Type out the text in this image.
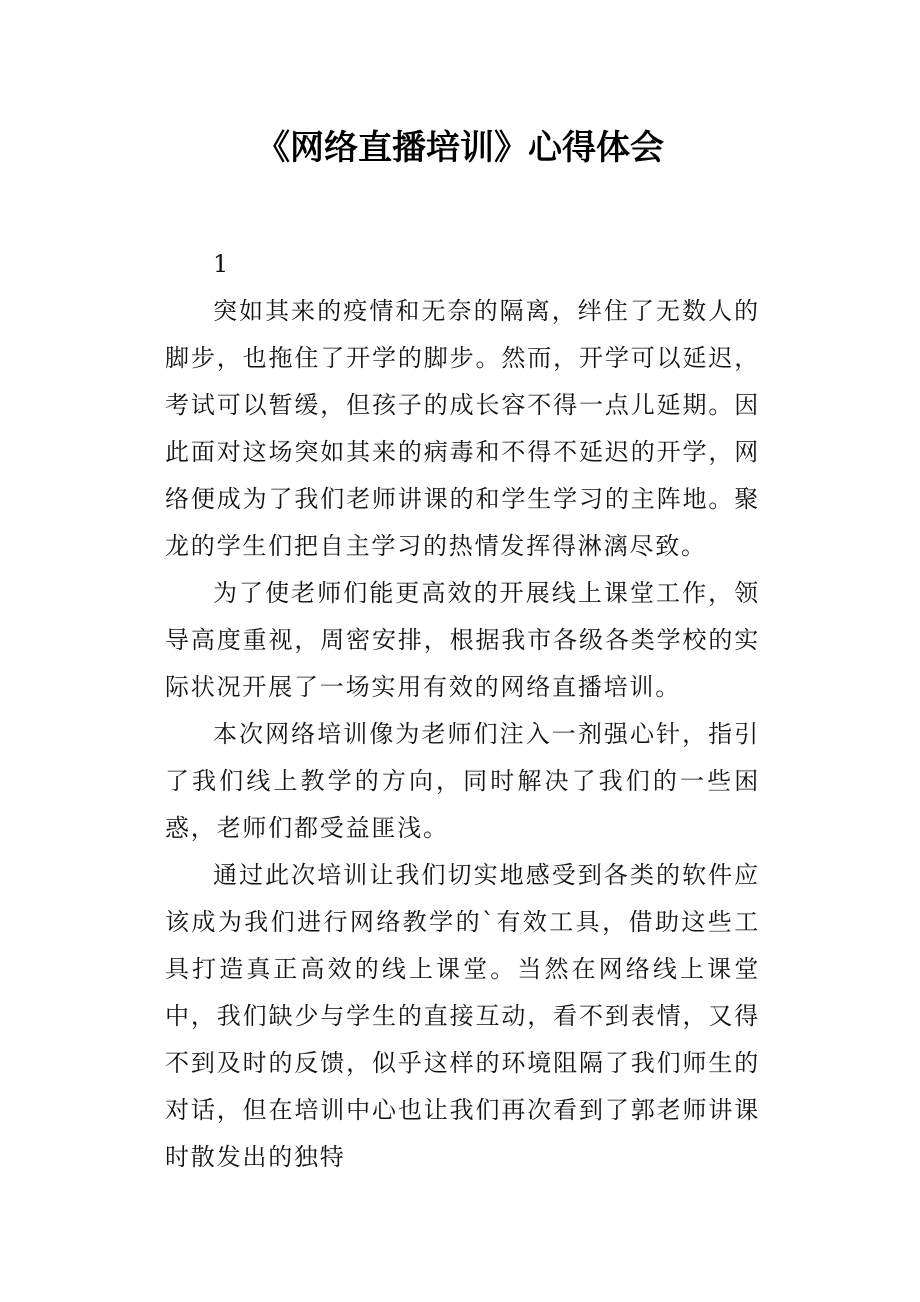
《网络直播培训》心得体会
1

突如其来的疫情和无奈的隔离，绊住了无数人的脚步，也拖住了开学的脚步。然而，开学可以延迟，考试可以暂缓，但孩子的成长容不得一点儿延期。因此面对这场突如其来的病毒和不得不延迟的开学，网络便成为了我们老师讲课的和学生学习的主阵地。聚龙的学生们把自主学习的热情发挥得淋漓尽致。

为了使老师们能更高效的开展线上课堂工作，领导高度重视，周密安排，根据我市各级各类学校的实际状况开展了一场实用有效的网络直播培训。

本次网络培训像为老师们注入一剂强心针，指引了我们线上教学的方向，同时解决了我们的一些困惑，老师们都受益匪浅。

通过此次培训让我们切实地感受到各类的软件应该成为我们进行网络教学的`有效工具，借助这些工具打造真正高效的线上课堂。当然在网络线上课堂中，我们缺少与学生的直接互动，看不到表情，又得不到及时的反馈，似乎这样的环境阻隔了我们师生的对话，但在培训中心也让我们再次看到了郭老师讲课时散发出的独特
